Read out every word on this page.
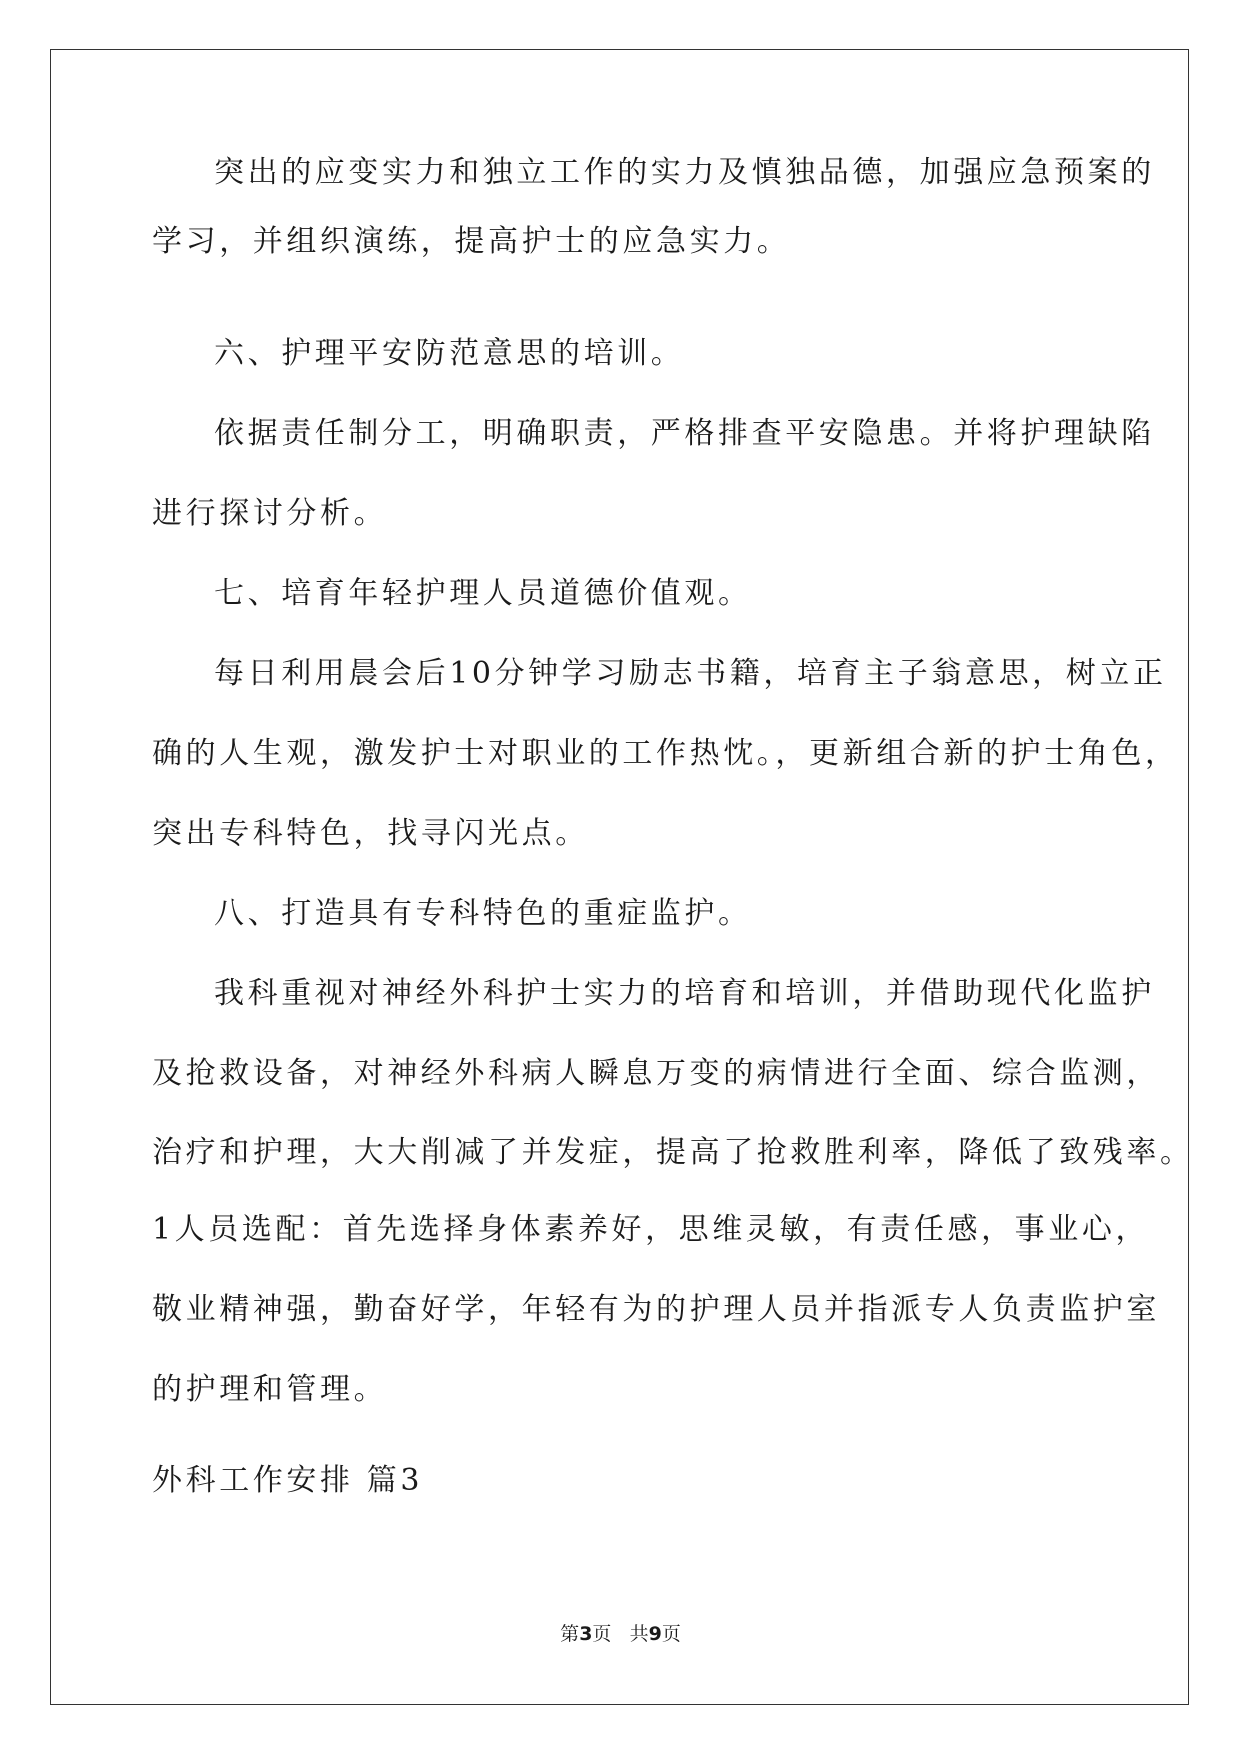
突出的应变实力和独立工作的实力及慎独品德，加强应急预案的
学习，并组织演练，提高护士的应急实力。
六、护理平安防范意思的培训。
依据责任制分工，明确职责，严格排查平安隐患。并将护理缺陷
进行探讨分析。
七、培育年轻护理人员道德价值观。
每日利用晨会后10分钟学习励志书籍，培育主子翁意思，树立正
确的人生观，激发护士对职业的工作热忱。，更新组合新的护士角色，
突出专科特色，找寻闪光点。
八、打造具有专科特色的重症监护。
我科重视对神经外科护士实力的培育和培训，并借助现代化监护
及抢救设备，对神经外科病人瞬息万变的病情进行全面、综合监测，
治疗和护理，大大削减了并发症，提高了抢救胜利率，降低了致残率。
1人员选配：首先选择身体素养好，思维灵敏，有责任感，事业心，
敬业精神强，勤奋好学，年轻有为的护理人员并指派专人负责监护室
的护理和管理。
外科工作安排 篇3
第3页 共9页
